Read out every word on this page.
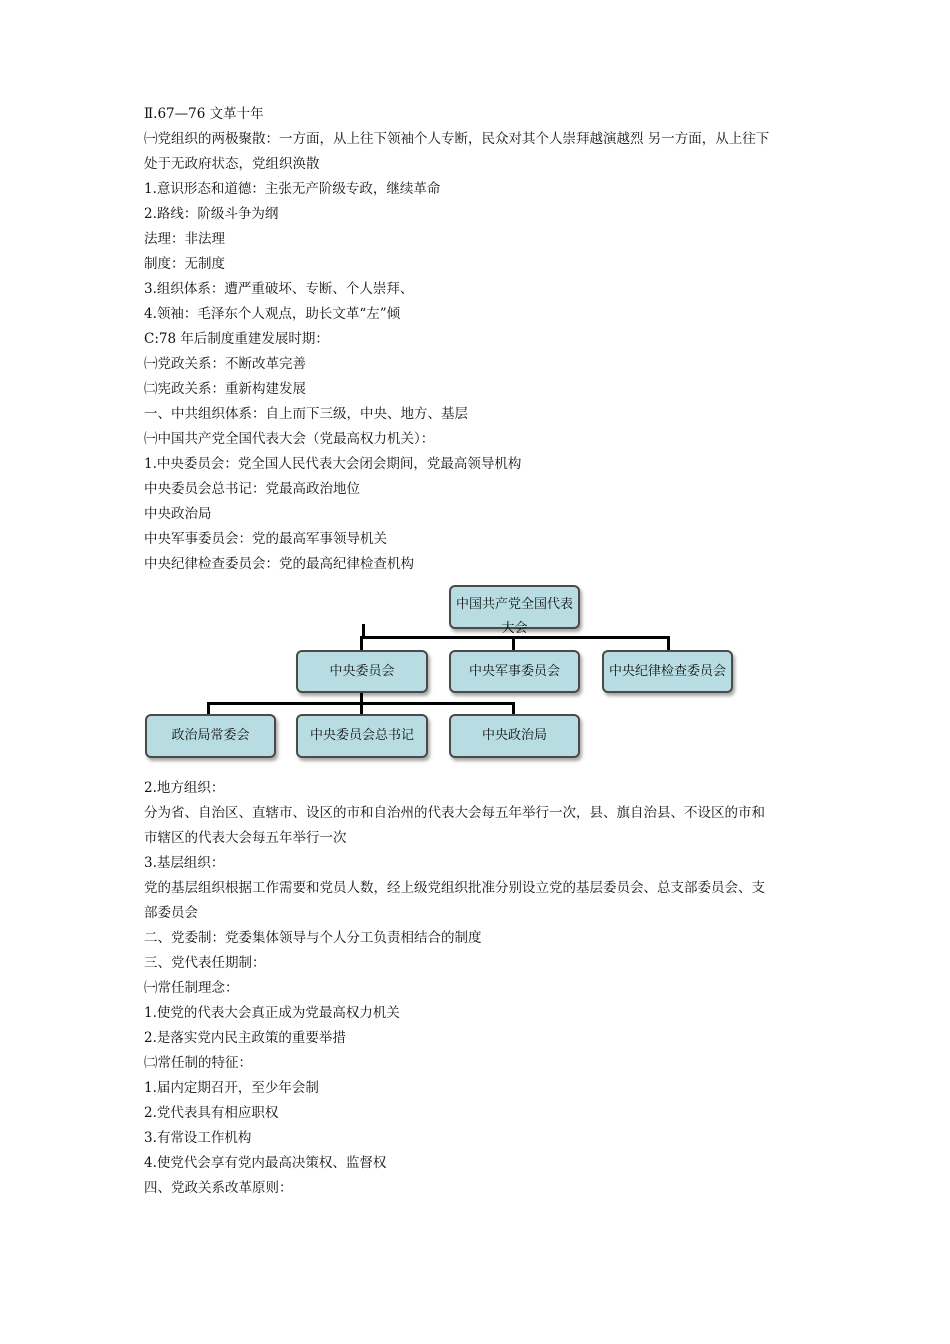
Ⅱ.67—76 文革十年
㈠党组织的两极聚散：一方面，从上往下领袖个人专断，民众对其个人崇拜越演越烈 另一方面，从上往下
处于无政府状态，党组织涣散
1.意识形态和道德：主张无产阶级专政，继续革命
2.路线：阶级斗争为纲
法理：非法理
制度：无制度
3.组织体系：遭严重破坏、专断、个人崇拜、
4.领袖：毛泽东个人观点，助长文革“左”倾
C:78 年后制度重建发展时期：
㈠党政关系：不断改革完善
㈡宪政关系：重新构建发展
一、中共组织体系：自上而下三级，中央、地方、基层
㈠中国共产党全国代表大会（党最高权力机关）：
1.中央委员会：党全国人民代表大会闭会期间，党最高领导机构
中央委员会总书记：党最高政治地位
中央政治局
中央军事委员会：党的最高军事领导机关
中央纪律检查委员会：党的最高纪律检查机构
中国共产党全国代表大会
中央委员会	中央军事委员会	中央纪律检查委员会
政治局常委会	中央委员会总书记	中央政治局
2.地方组织：
分为省、自治区、直辖市、设区的市和自治州的代表大会每五年举行一次，县、旗自治县、不设区的市和
市辖区的代表大会每五年举行一次
3.基层组织：
党的基层组织根据工作需要和党员人数，经上级党组织批准分别设立党的基层委员会、总支部委员会、支
部委员会
二、党委制：党委集体领导与个人分工负责相结合的制度
三、党代表任期制：
㈠常任制理念：
1.使党的代表大会真正成为党最高权力机关
2.是落实党内民主政策的重要举措
㈡常任制的特征：
1.届内定期召开，至少年会制
2.党代表具有相应职权
3.有常设工作机构
4.使党代会享有党内最高决策权、监督权
四、党政关系改革原则：
